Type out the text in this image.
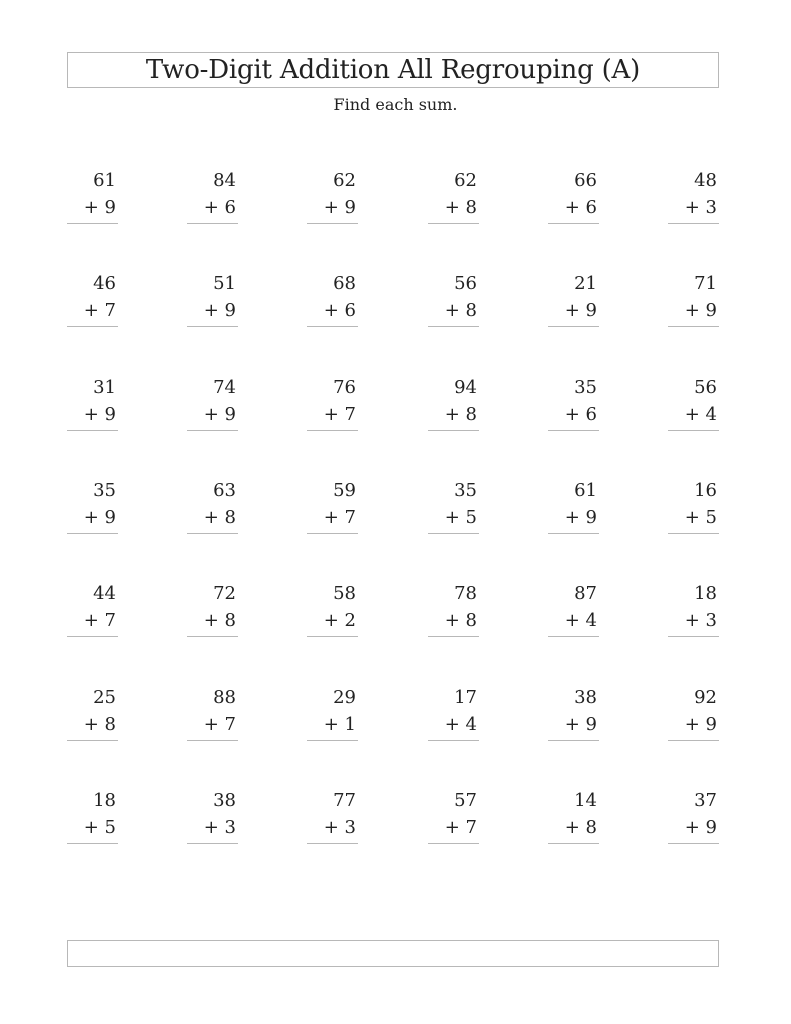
Two-Digit Addition All Regrouping (A)
Find each sum.
61
+ 9
84
+ 6
62
+ 9
62
+ 8
66
+ 6
48
+ 3
46
+ 7
51
+ 9
68
+ 6
56
+ 8
21
+ 9
71
+ 9
31
+ 9
74
+ 9
76
+ 7
94
+ 8
35
+ 6
56
+ 4
35
+ 9
63
+ 8
59
+ 7
35
+ 5
61
+ 9
16
+ 5
44
+ 7
72
+ 8
58
+ 2
78
+ 8
87
+ 4
18
+ 3
25
+ 8
88
+ 7
29
+ 1
17
+ 4
38
+ 9
92
+ 9
18
+ 5
38
+ 3
77
+ 3
57
+ 7
14
+ 8
37
+ 9
